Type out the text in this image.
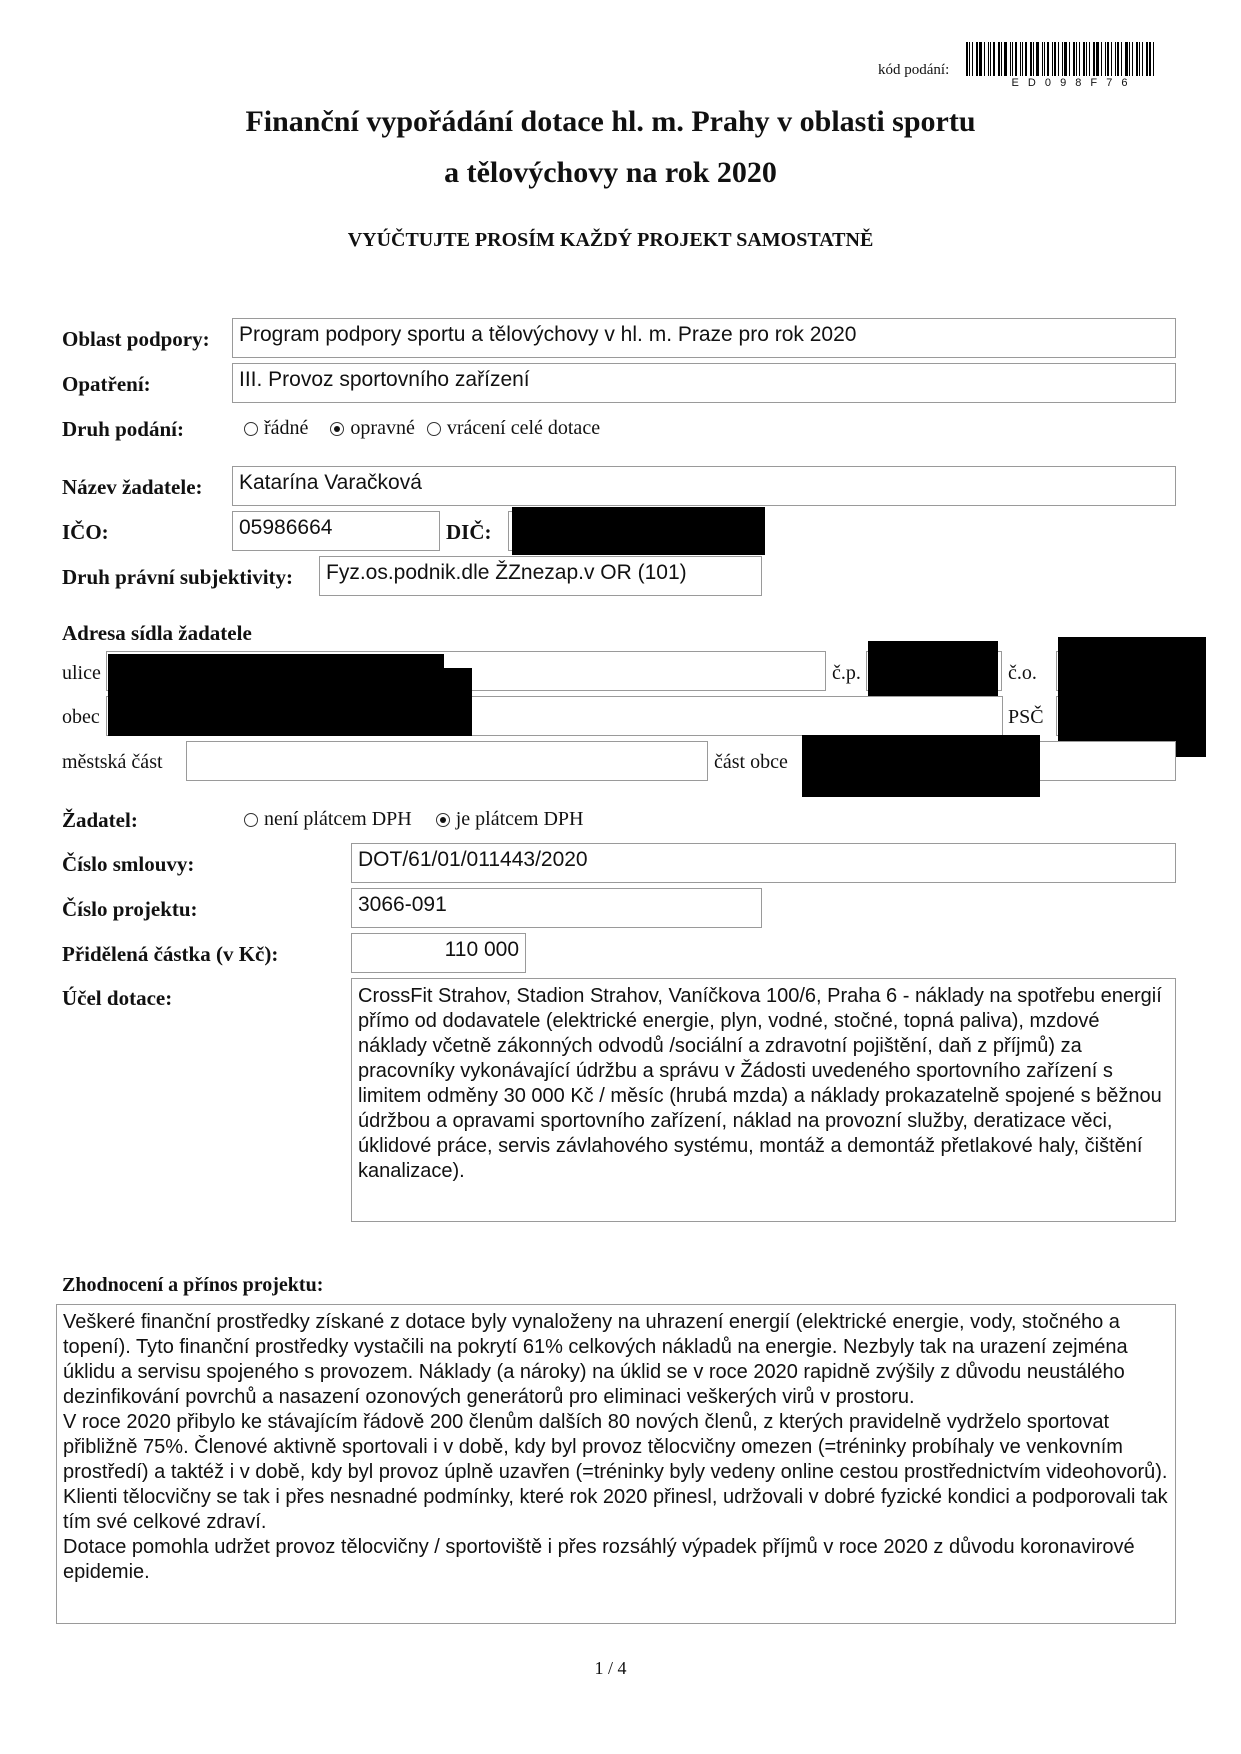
kód podání:
E D 0 9 8 F 7 6
Finanční vypořádání dotace hl. m. Prahy v oblasti sportu
a tělovýchovy na rok 2020
VYÚČTUJTE PROSÍM KAŽDÝ PROJEKT SAMOSTATNĚ
Oblast podpory:	Program podpory sportu a tělovýchovy v hl. m. Praze pro rok 2020
Opatření:	III. Provoz sportovního zařízení
Druh podání:	řádné opravné vrácení celé dotace
Název žadatele:	Katarína Varačková
IČO:	05986664	DIČ:
Druh právní subjektivity:	Fyz.os.podnik.dle ŽZnezap.v OR (101)
Adresa sídla žadatele
ulice	č.p.	č.o.
obec	PSČ
městská část	část obce
Žadatel:	není plátcem DPH je plátcem DPH
Číslo smlouvy:	DOT/61/01/011443/2020
Číslo projektu:	3066-091
Přidělená částka (v Kč):	110 000
Účel dotace:	CrossFit Strahov, Stadion Strahov, Vaníčkova 100/6, Praha 6 - náklady na spotřebu energií přímo od dodavatele (elektrické energie, plyn, vodné, stočné, topná paliva), mzdové náklady včetně zákonných odvodů /sociální a zdravotní pojištění, daň z příjmů) za pracovníky vykonávající údržbu a správu v Žádosti uvedeného sportovního zařízení s limitem odměny 30 000 Kč / měsíc (hrubá mzda) a náklady prokazatelně spojené s běžnou údržbou a opravami sportovního zařízení, náklad na provozní služby, deratizace věci, úklidové práce, servis závlahového systému, montáž a demontáž přetlakové haly, čištění kanalizace).
Zhodnocení a přínos projektu:
Veškeré finanční prostředky získané z dotace byly vynaloženy na uhrazení energií (elektrické energie, vody, stočného a topení). Tyto finanční prostředky vystačili na pokrytí 61% celkových nákladů na energie. Nezbyly tak na urazení zejména úklidu a servisu spojeného s provozem. Náklady (a nároky) na úklid se v roce 2020 rapidně zvýšily z důvodu neustálého dezinfikování povrchů a nasazení ozonových generátorů pro eliminaci veškerých virů v prostoru.
V roce 2020 přibylo ke stávajícím řádově 200 členům dalších 80 nových členů, z kterých pravidelně vydrželo sportovat přibližně 75%. Členové aktivně sportovali i v době, kdy byl provoz tělocvičny omezen (=tréninky probíhaly ve venkovním prostředí) a taktéž i v době, kdy byl provoz úplně uzavřen (=tréninky byly vedeny online cestou prostřednictvím videohovorů). Klienti tělocvičny se tak i přes nesnadné podmínky, které rok 2020 přinesl, udržovali v dobré fyzické kondici a podporovali tak tím své celkové zdraví.
Dotace pomohla udržet provoz tělocvičny / sportoviště i přes rozsáhlý výpadek příjmů v roce 2020 z důvodu koronavirové epidemie.
1 / 4
